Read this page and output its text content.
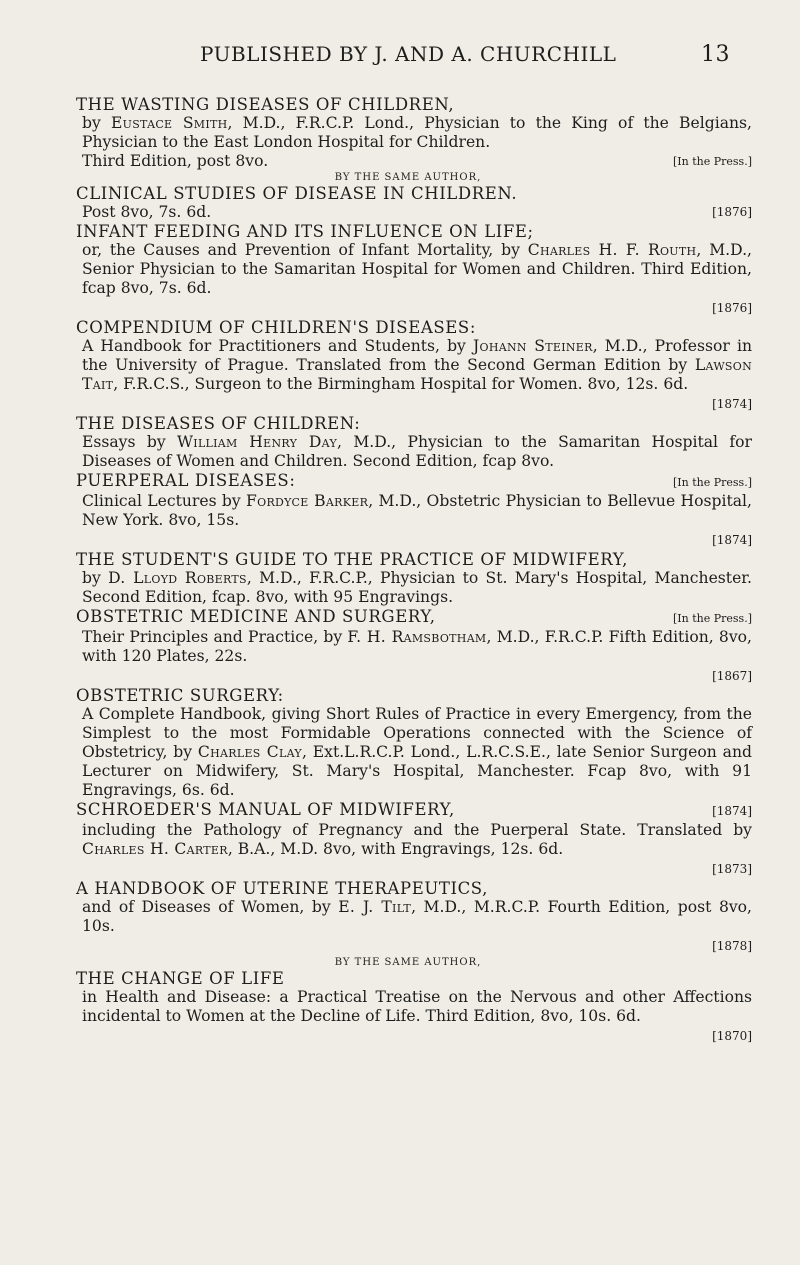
PUBLISHED BY J. AND A. CHURCHILL	13
THE WASTING DISEASES OF CHILDREN,
by Eustace Smith, M.D., F.R.C.P. Lond., Physician to the King of the Belgians, Physician to the East London Hospital for Children.
Third Edition, post 8vo.	[In the Press.]
BY THE SAME AUTHOR,
CLINICAL STUDIES OF DISEASE IN CHILDREN.
Post 8vo, 7s. 6d.	[1876]
INFANT FEEDING AND ITS INFLUENCE ON LIFE;
or, the Causes and Prevention of Infant Mortality, by Charles H. F. Routh, M.D., Senior Physician to the Samaritan Hospital for Women and Children. Third Edition, fcap 8vo, 7s. 6d.
[1876]
COMPENDIUM OF CHILDREN'S DISEASES:
A Handbook for Practitioners and Students, by Johann Steiner, M.D., Professor in the University of Prague. Translated from the Second German Edition by Lawson Tait, F.R.C.S., Surgeon to the Birmingham Hospital for Women. 8vo, 12s. 6d.
[1874]
THE DISEASES OF CHILDREN:
Essays by William Henry Day, M.D., Physician to the Samaritan Hospital for Diseases of Women and Children. Second Edition, fcap 8vo.
PUERPERAL DISEASES:	[In the Press.]
Clinical Lectures by Fordyce Barker, M.D., Obstetric Physician to Bellevue Hospital, New York. 8vo, 15s.
[1874]
THE STUDENT'S GUIDE TO THE PRACTICE OF MIDWIFERY,
by D. Lloyd Roberts, M.D., F.R.C.P., Physician to St. Mary's Hospital, Manchester. Second Edition, fcap. 8vo, with 95 Engravings.
OBSTETRIC MEDICINE AND SURGERY,	[In the Press.]
Their Principles and Practice, by F. H. Ramsbotham, M.D., F.R.C.P. Fifth Edition, 8vo, with 120 Plates, 22s.
[1867]
OBSTETRIC SURGERY:
A Complete Handbook, giving Short Rules of Practice in every Emergency, from the Simplest to the most Formidable Operations connected with the Science of Obstetricy, by Charles Clay, Ext.L.R.C.P. Lond., L.R.C.S.E., late Senior Surgeon and Lecturer on Midwifery, St. Mary's Hospital, Manchester. Fcap 8vo, with 91 Engravings, 6s. 6d.
SCHROEDER'S MANUAL OF MIDWIFERY,	[1874]
including the Pathology of Pregnancy and the Puerperal State. Translated by Charles H. Carter, B.A., M.D. 8vo, with Engravings, 12s. 6d.
[1873]
A HANDBOOK OF UTERINE THERAPEUTICS,
and of Diseases of Women, by E. J. Tilt, M.D., M.R.C.P. Fourth Edition, post 8vo, 10s.
[1878]
BY THE SAME AUTHOR,
THE CHANGE OF LIFE
in Health and Disease: a Practical Treatise on the Nervous and other Affections incidental to Women at the Decline of Life. Third Edition, 8vo, 10s. 6d.
[1870]
